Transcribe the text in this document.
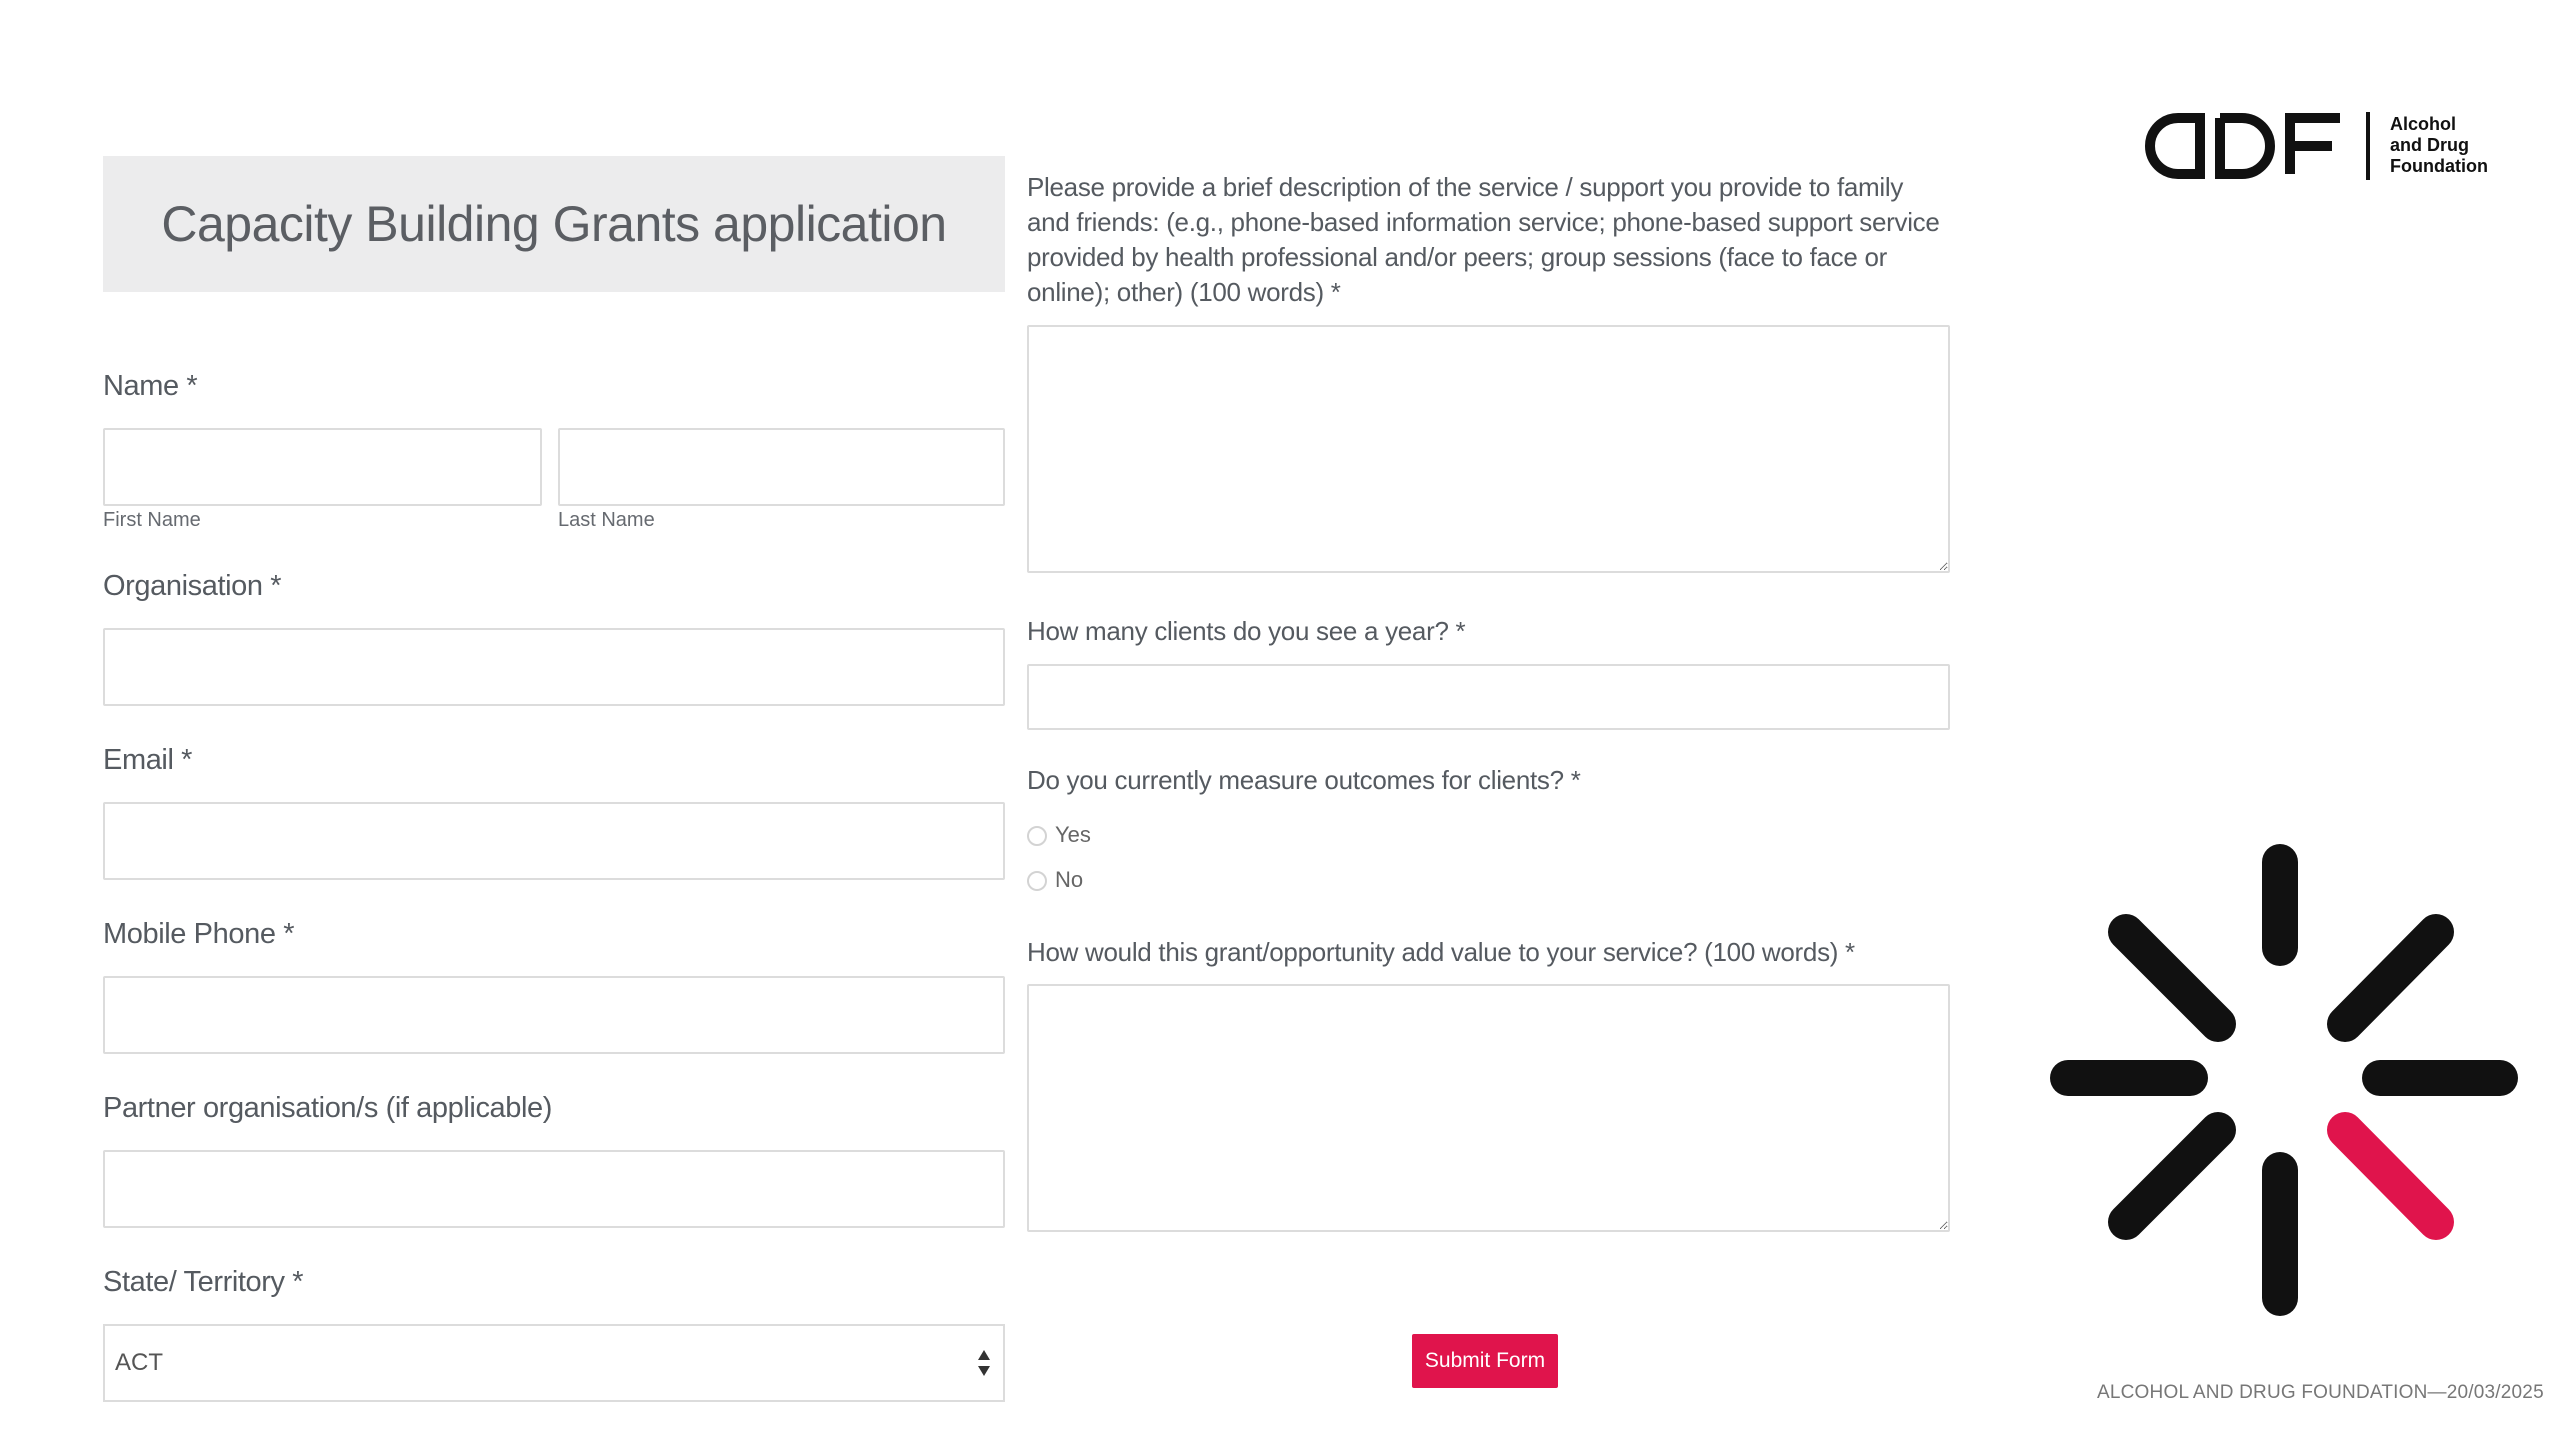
Capacity Building Grants application
Name *
First Name	Last Name
Organisation *
Email *
Mobile Phone *
Partner organisation/s (if applicable)
State/ Territory *
ACT
Please provide a brief description of the service / support you provide to family and friends: (e.g., phone-based information service; phone-based support service provided by health professional and/or peers; group sessions (face to face or online); other) (100 words) *
How many clients do you see a year? *
Do you currently measure outcomes for clients? *
Yes
No
How would this grant/opportunity add value to your service? (100 words) *
Submit Form
Alcohol
and Drug
Foundation
ALCOHOL AND DRUG FOUNDATION—20/03/2025
